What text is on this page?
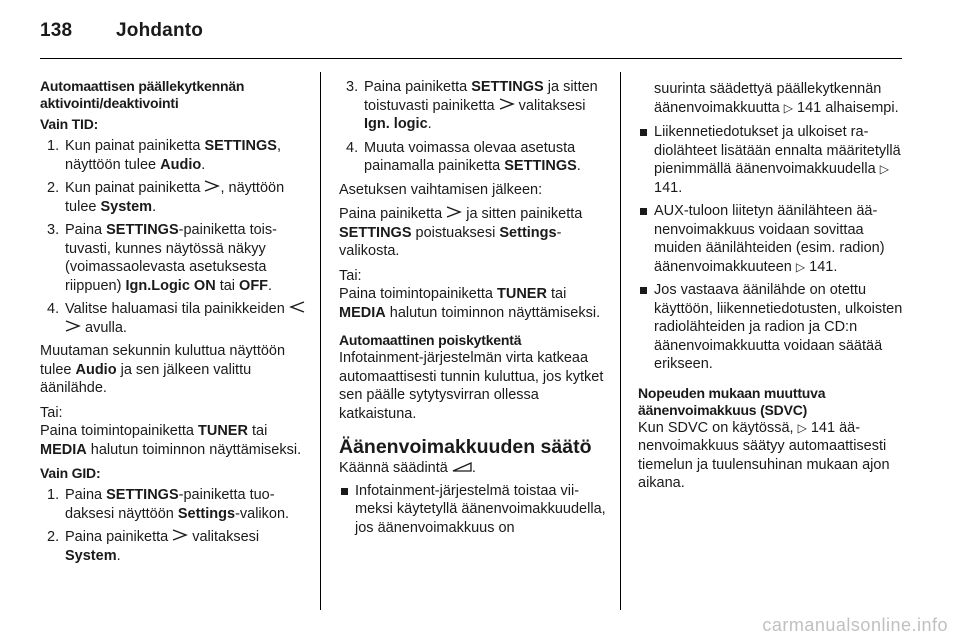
138 Johdanto

Automaattisen päällekytkennän aktivointi/deaktivointi

Vain TID:

1. Kun painat painiketta SETTINGS, näyttöön tulee Audio.
2. Kun painat painiketta , näyttöön tulee System.
3. Paina SETTINGS-painiketta toistuvasti, kunnes näytössä näkyy (voimassaolevasta asetuksesta riippuen) Ign.Logic ON tai OFF.
4. Valitse haluamasi tila painikkeiden   avulla.

Muutaman sekunnin kuluttua näyttöön tulee Audio ja sen jälkeen valittu äänilähde.

Tai:

Paina toimintopainiketta TUNER tai MEDIA halutun toiminnon näyttämiseksi.

Vain GID:

1. Paina SETTINGS-painiketta tuodaksesi näyttöön Settings-valikon.
2. Paina painiketta  valitaksesi System.
3. Paina painiketta SETTINGS ja sitten toistuvasti painiketta  valitaksesi Ign. logic.
4. Muuta voimassa olevaa asetusta painamalla painiketta SETTINGS.

Asetuksen vaihtamisen jälkeen:

Paina painiketta  ja sitten painiketta SETTINGS poistuaksesi Settings-valikosta.

Tai:

Paina toimintopainiketta TUNER tai MEDIA halutun toiminnon näyttämiseksi.

Automaattinen poiskytkentä

Infotainment-järjestelmän virta katkeaa automaattisesti tunnin kuluttua, jos kytket sen päälle sytytysvirran ollessa katkaistuna.

Äänenvoimakkuuden säätö

Käännä säädintä .

Infotainment-järjestelmä toistaa viimeksi käytetyllä äänenvoimakkuudella, jos äänenvoimakkuus on

suurinta säädettyä päällekytkennän äänenvoimakkuutta ▷ 141 alhaisempi.

Liikennetiedotukset ja ulkoiset radiolähteet lisätään ennalta määritetyllä pienimmällä äänenvoimakkuudella ▷ 141.
AUX-tuloon liitetyn äänilähteen äänenvoimakkuus voidaan sovittaa muiden äänilähteiden (esim. radion) äänenvoimakkuuteen ▷ 141.
Jos vastaava äänilähde on otettu käyttöön, liikennetiedotusten, ulkoisten radiolähteiden ja radion ja CD:n äänenvoimakkuutta voidaan säätää erikseen.

Nopeuden mukaan muuttuva äänenvoimakkuus (SDVC)

Kun SDVC on käytössä, ▷ 141 äänenvoimakkuus säätyy automaattisesti tiemelun ja tuulensuhinan mukaan ajon aikana.

carmanualsonline.info
